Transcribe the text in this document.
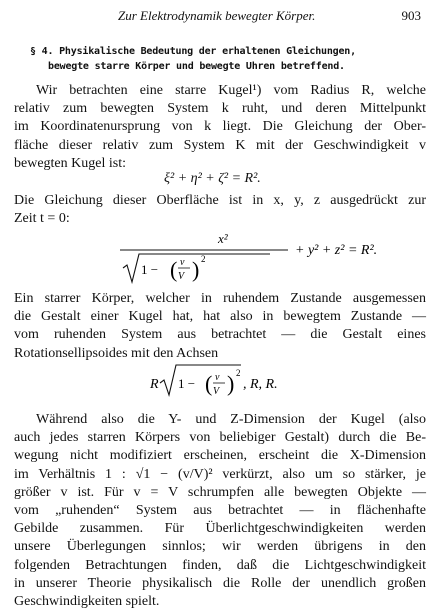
Zur Elektrodynamik bewegter Körper.	903
§ 4. Physikalische Bedeutung der erhaltenen Gleichungen,
bewegte starre Körper und bewegte Uhren betreffend.
Wir betrachten eine starre Kugel¹) vom Radius R, welche
relativ zum bewegten System k ruht, und deren Mittelpunkt
im Koordinatenursprung von k liegt. Die Gleichung der Ober-
fläche dieser relativ zum System K mit der Geschwindigkeit v
bewegten Kugel ist:
ξ² + η² + ζ² = R².
Die Gleichung dieser Oberfläche ist in x, y, z ausgedrückt zur
Zeit t = 0:
x²
1 − ( v
V ) 2
+ y² + z² = R².
Ein starrer Körper, welcher in ruhendem Zustande ausgemessen
die Gestalt einer Kugel hat, hat also in bewegtem Zustande —
vom ruhenden System aus betrachtet — die Gestalt eines
Rotationsellipsoides mit den Achsen
R 1 − ( v
V ) 2
, R, R.
Während also die Y- und Z-Dimension der Kugel (also
auch jedes starren Körpers von beliebiger Gestalt) durch die Be-
wegung nicht modifiziert erscheinen, erscheint die X-Dimension
im Verhältnis 1 : √1 − (v/V)² verkürzt, also um so stärker, je
größer v ist. Für v = V schrumpfen alle bewegten Objekte —
vom „ruhenden“ System aus betrachtet — in flächenhafte
Gebilde zusammen. Für Überlichtgeschwindigkeiten werden
unsere Überlegungen sinnlos; wir werden übrigens in den
folgenden Betrachtungen finden, daß die Lichtgeschwindigkeit
in unserer Theorie physikalisch die Rolle der unendlich großen
Geschwindigkeiten spielt.
